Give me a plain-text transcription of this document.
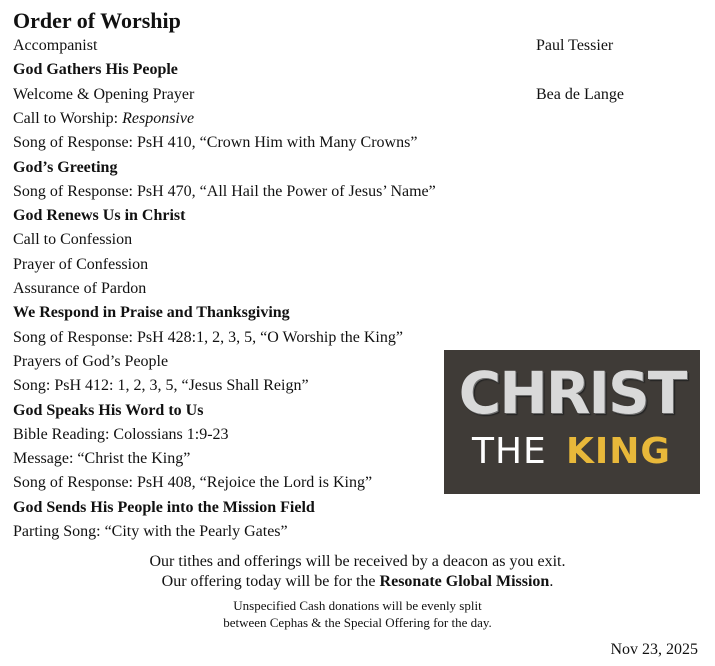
Order of Worship
Accompanist	Paul Tessier
God Gathers His People
Welcome & Opening Prayer	Bea de Lange
Call to Worship: Responsive
Song of Response: PsH 410, “Crown Him with Many Crowns”
God’s Greeting
Song of Response: PsH 470, “All Hail the Power of Jesus’ Name”
God Renews Us in Christ
Call to Confession
Prayer of Confession
Assurance of Pardon
We Respond in Praise and Thanksgiving
Song of Response: PsH 428:1, 2, 3, 5, “O Worship the King”
Prayers of God’s People
Song: PsH 412: 1, 2, 3, 5, “Jesus Shall Reign”
God Speaks His Word to Us
Bible Reading: Colossians 1:9-23
Message: “Christ the King”
Song of Response: PsH 408, “Rejoice the Lord is King”
God Sends His People into the Mission Field
Parting Song: “City with the Pearly Gates”
Our tithes and offerings will be received by a deacon as you exit.
Our offering today will be for the Resonate Global Mission.
Unspecified Cash donations will be evenly split
between Cephas & the Special Offering for the day.
CHRIST
THE KING
Nov 23, 2025
